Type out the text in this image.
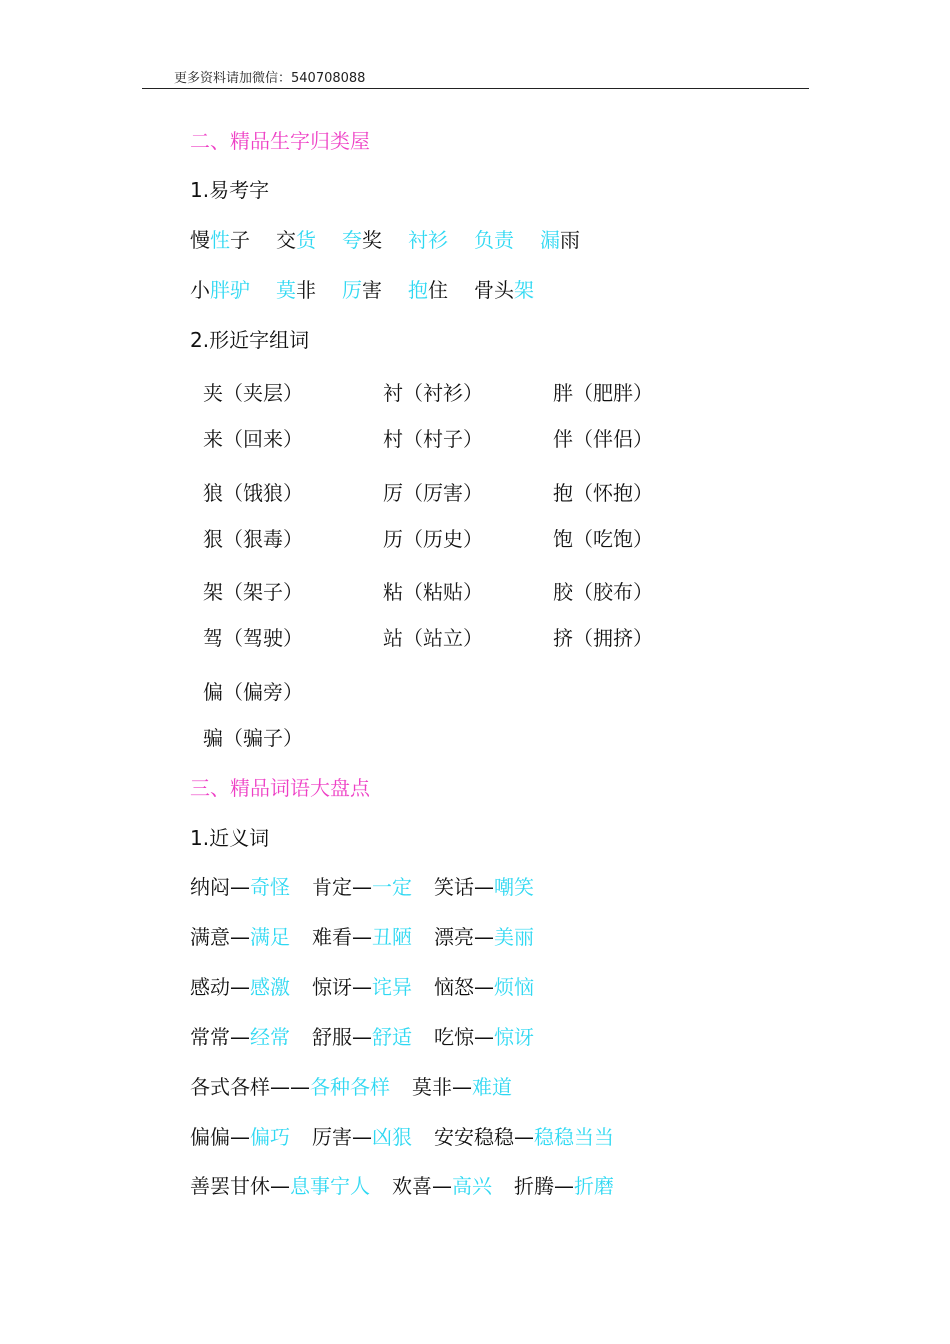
更多资料请加微信：540708088
二、精品生字归类屋
1.易考字
慢性子 交货 夸奖 衬衫 负责 漏雨
小胖驴 莫非 厉害 抱住 骨头架
2.形近字组词
夹（夹层）	衬（衬衫）	胖（肥胖）
来（回来）	村（村子）	伴（伴侣）
狼（饿狼）	厉（厉害）	抱（怀抱）
狠（狠毒）	历（历史）	饱（吃饱）
架（架子）	粘（粘贴）	胶（胶布）
驾（驾驶）	站（站立）	挤（拥挤）
偏（偏旁）
骗（骗子）
三、精品词语大盘点
1.近义词
纳闷—奇怪 肯定—一定 笑话—嘲笑
满意—满足 难看—丑陋 漂亮—美丽
感动—感激 惊讶—诧异 恼怒—烦恼
常常—经常 舒服—舒适 吃惊—惊讶
各式各样——各种各样 莫非—难道
偏偏—偏巧 厉害—凶狠 安安稳稳—稳稳当当
善罢甘休—息事宁人 欢喜—高兴 折腾—折磨
